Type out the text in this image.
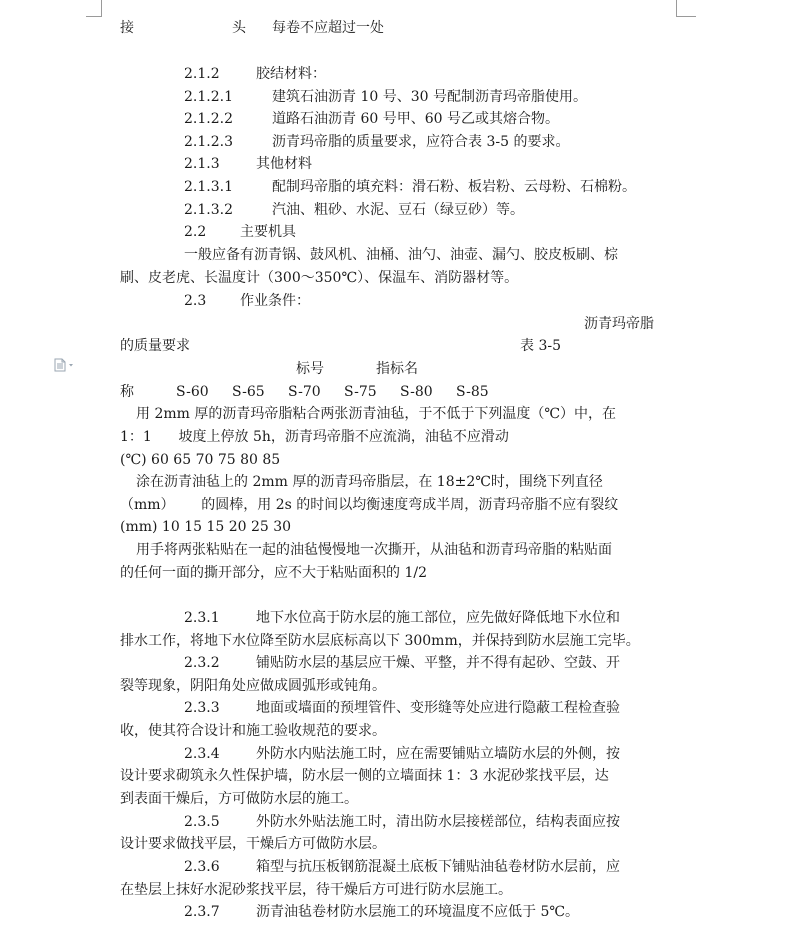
接	头 每卷不应超过一处
2.1.2	胶结材料：
2.1.2.1	建筑石油沥青 10 号、30 号配制沥青玛帝脂使用。
2.1.2.2	道路石油沥青 60 号甲、60 号乙或其熔合物。
2.1.2.3	沥青玛帝脂的质量要求，应符合表 3-5 的要求。
2.1.3	其他材料
2.1.3.1	配制玛帝脂的填充料：滑石粉、板岩粉、云母粉、石棉粉。
2.1.3.2	汽油、粗砂、水泥、豆石（绿豆砂）等。
2.2 主要机具
一般应备有沥青锅、鼓风机、油桶、油勺、油壶、漏勺、胶皮板刷、棕
刷、皮老虎、长温度计（300～350℃）、保温车、消防器材等。
2.3 作业条件：
沥青玛帝脂
的质量要求	表 3-5
标号	指标名
称	S-60 S-65 S-70 S-75 S-80 S-85
用 2mm 厚的沥青玛帝脂粘合两张沥青油毡，于不低于下列温度（℃）中，在
1：1      坡度上停放 5h，沥青玛帝脂不应流淌，油毡不应滑动
(℃) 60 65 70 75 80 85
涂在沥青油毡上的 2mm 厚的沥青玛帝脂层，在 18±2℃时，围绕下列直径
（mm）      的圆棒，用 2s 的时间以均衡速度弯成半周，沥青玛帝脂不应有裂纹
(mm) 10 15 15 20 25 30
用手将两张粘贴在一起的油毡慢慢地一次撕开，从油毡和沥青玛帝脂的粘贴面
的任何一面的撕开部分，应不大于粘贴面积的 1/2
2.3.1	地下水位高于防水层的施工部位，应先做好降低地下水位和
排水工作，将地下水位降至防水层底标高以下 300mm，并保持到防水层施工完毕。
2.3.2	铺贴防水层的基层应干燥、平整，并不得有起砂、空鼓、开
裂等现象，阴阳角处应做成圆弧形或钝角。
2.3.3	地面或墙面的预埋管件、变形缝等处应进行隐蔽工程检查验
收，使其符合设计和施工验收规范的要求。
2.3.4	外防水内贴法施工时，应在需要铺贴立墙防水层的外侧，按
设计要求砌筑永久性保护墙，防水层一侧的立墙面抹 1：3 水泥砂浆找平层，达
到表面干燥后，方可做防水层的施工。
2.3.5	外防水外贴法施工时，清出防水层接槎部位，结构表面应按
设计要求做找平层，干燥后方可做防水层。
2.3.6	箱型与抗压板钢筋混凝土底板下铺贴油毡卷材防水层前，应
在垫层上抹好水泥砂浆找平层，待干燥后方可进行防水层施工。
2.3.7	沥青油毡卷材防水层施工的环境温度不应低于 5℃。
